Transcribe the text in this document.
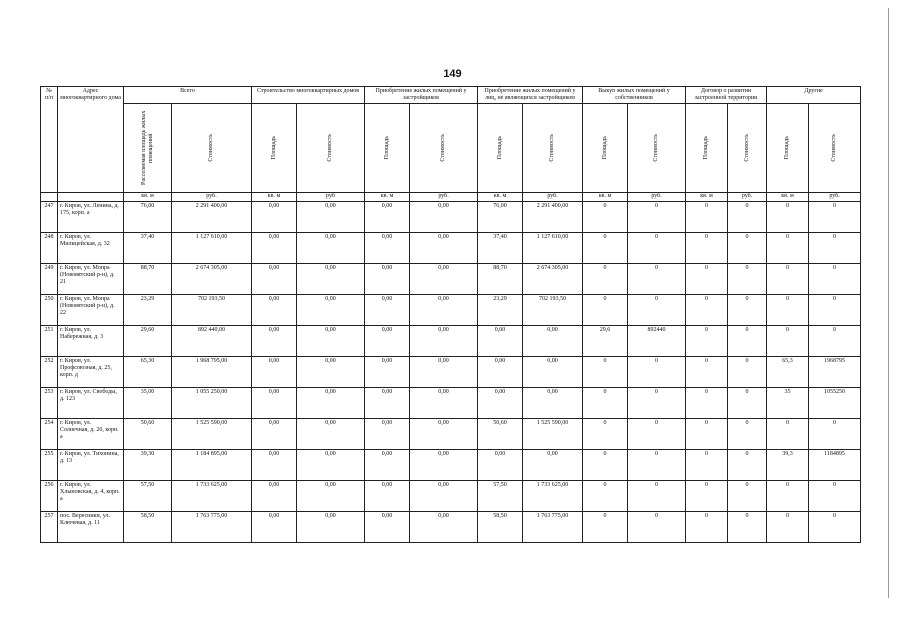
149
№ п/п	Адрес многоквартирного дома	Всего		Строительство многоквартирных домов		Приобретение жилых помещений у застройщиков		Приобретение жилых помещений у лиц, не являющихся застройщиком		Выкуп жилых помещений у собственников		Договор о развитии застроенной территории		Другие	

		Расселяемая площадь жилых помещений	Стоимость	Площадь	Стоимость	Площадь	Стоимость	Площадь	Стоимость	Площадь	Стоимость	Площадь	Стоимость	Площадь	Стоимость

		кв. м	руб.	кв. м	руб	кв. м	руб.	кв. м	руб.	кв. м	руб.	кв. м	руб.	кв. м	руб.
247	г. Киров, ул. Ленина, д. 175, корп. а	76,00	2 291 400,00	0,00	0,00	0,00	0,00	76,00	2 291 400,00	0	0	0	0	0	0
248	г. Киров, ул. Милицейская, д. 32	37,40	1 127 610,00	0,00	0,00	0,00	0,00	37,40	1 127 610,00	0	0	0	0	0	0
249	г. Киров, ул. Мопра (Нововятский р-н), д. 21	88,70	2 674 305,00	0,00	0,00	0,00	0,00	88,70	2 674 305,00	0	0	0	0	0	0
250	г. Киров, ул. Мопра (Нововятский р-н), д. 22	23,29	702 193,50	0,00	0,00	0,00	0,00	23,29	702 193,50	0	0	0	0	0	0
251	г. Киров, ул. Набережная, д. 3	29,60	892 440,00	0,00	0,00	0,00	0,00	0,00	0,00	29,6	892440	0	0	0	0
252	г. Киров, ул. Профсоюзная, д. 25, корп. д	65,30	1 968 795,00	0,00	0,00	0,00	0,00	0,00	0,00	0	0	0	0	65,3	1968795
253	г. Киров, ул. Свободы, д. 123	35,00	1 055 250,00	0,00	0,00	0,00	0,00	0,00	0,00	0	0	0	0	35	1055250
254	г. Киров, ул. Солнечная, д. 20, корп. а	50,60	1 525 590,00	0,00	0,00	0,00	0,00	50,60	1 525 590,00	0	0	0	0	0	0
255	г. Киров, ул. Тихонина, д. 13	39,30	1 184 895,00	0,00	0,00	0,00	0,00	0,00	0,00	0	0	0	0	39,3	1184895
256	г. Киров, ул. Хлыновская, д. 4, корп. а	57,50	1 733 625,00	0,00	0,00	0,00	0,00	57,50	1 733 625,00	0	0	0	0	0	0
257	пос. Вересники, ул. Ключевая, д. 11	58,50	1 763 775,00	0,00	0,00	0,00	0,00	58,50	1 763 775,00	0	0	0	0	0	0
